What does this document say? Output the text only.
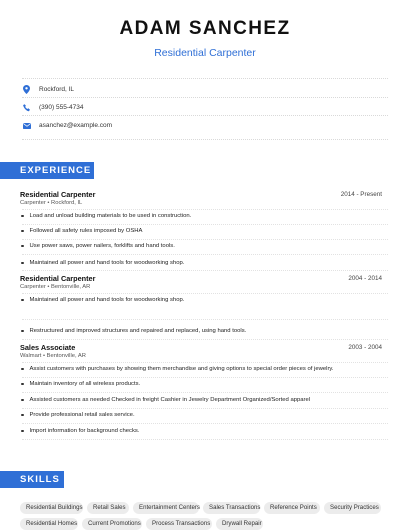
ADAM SANCHEZ
Residential Carpenter
Rockford, IL
(390) 555-4734
asanchez@example.com
EXPERIENCE
Residential Carpenter	2014 - Present
Carpenter • Rockford, IL
Load and unload building materials to be used in construction.
Followed all safety rules imposed by OSHA
Use power saws, power nailers, forklifts and hand tools.
Maintained all power and hand tools for woodworking shop.
Residential Carpenter	2004 - 2014
Carpenter • Bentonville, AR
Maintained all power and hand tools for woodworking shop.
Restructured and improved structures and repaired and replaced, using hand tools.
Sales Associate	2003 - 2004
Walmart • Bentonville, AR
Assist customers with purchases by showing them merchandise and giving options to special order pieces of jewelry.
Maintain inventory of all wireless products.
Assisted customers as needed Checked in freight Cashier in Jewelry Department Organized/Sorted apparel
Provide professional retail sales service.
Import information for background checks.
SKILLS
Residential Buildings	Retail Sales	Entertainment Centers	Sales Transactions	Reference Points	Security Practices
Residential Homes	Current Promotions	Process Transactions	Drywall Repair
